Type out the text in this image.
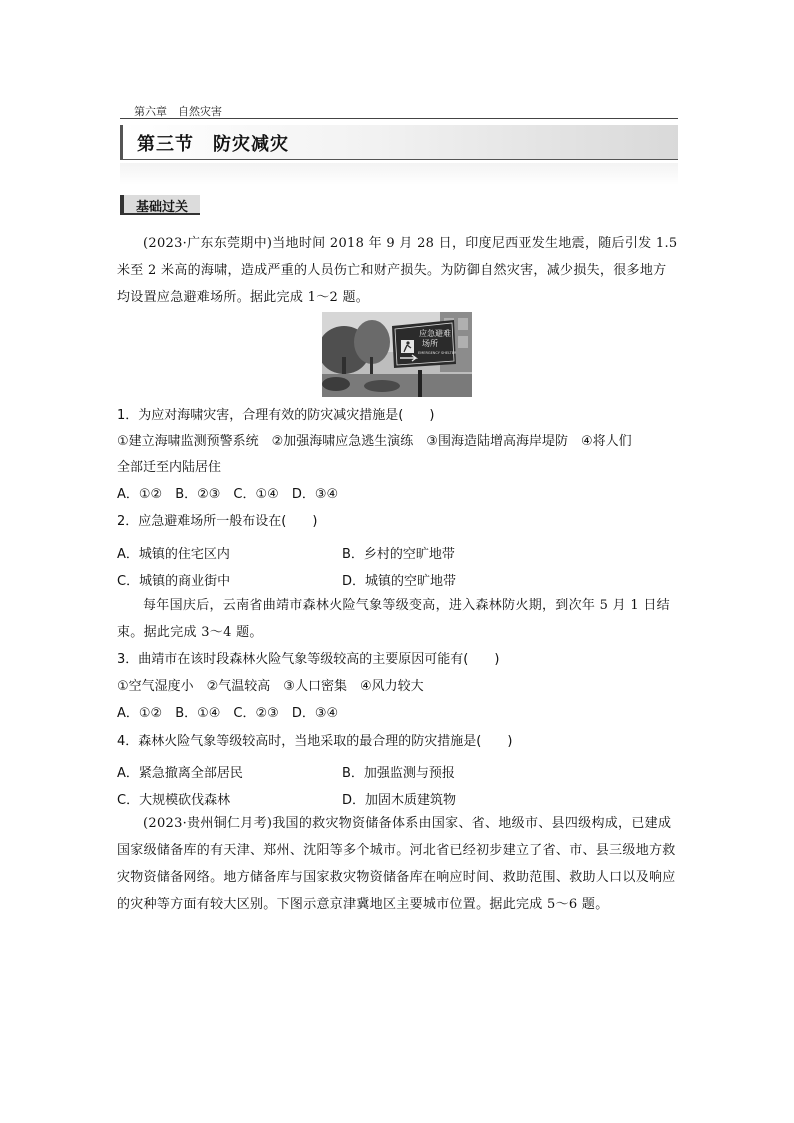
第六章　自然灾害
第三节　防灾减灾
基础过关
(2023·广东东莞期中)当地时间 2018 年 9 月 28 日，印度尼西亚发生地震，随后引发 1.5 米至 2 米高的海啸，造成严重的人员伤亡和财产损失。为防御自然灾害，减少损失，很多地方均设置应急避难场所。据此完成 1～2 题。
应急避难
场所
EMERGENCY SHELTER
1．为应对海啸灾害，合理有效的防灾减灾措施是(　　)
①建立海啸监测预警系统　②加强海啸应急逃生演练　③围海造陆增高海岸堤防　④将人们
全部迁至内陆居住
A．①②　B．②③　C．①④　D．③④
2．应急避难场所一般布设在(　　)
A．城镇的住宅区内	B．乡村的空旷地带
C．城镇的商业街中	D．城镇的空旷地带
每年国庆后，云南省曲靖市森林火险气象等级变高，进入森林防火期，到次年 5 月 1 日结束。据此完成 3～4 题。
3．曲靖市在该时段森林火险气象等级较高的主要原因可能有(　　)
①空气湿度小　②气温较高　③人口密集　④风力较大
A．①②　B．①④　C．②③　D．③④
4．森林火险气象等级较高时，当地采取的最合理的防灾措施是(　　)
A．紧急撤离全部居民	B．加强监测与预报
C．大规模砍伐森林	D．加固木质建筑物
(2023·贵州铜仁月考)我国的救灾物资储备体系由国家、省、地级市、县四级构成，已建成国家级储备库的有天津、郑州、沈阳等多个城市。河北省已经初步建立了省、市、县三级地方救灾物资储备网络。地方储备库与国家救灾物资储备库在响应时间、救助范围、救助人口以及响应的灾种等方面有较大区别。下图示意京津冀地区主要城市位置。据此完成 5～6 题。
